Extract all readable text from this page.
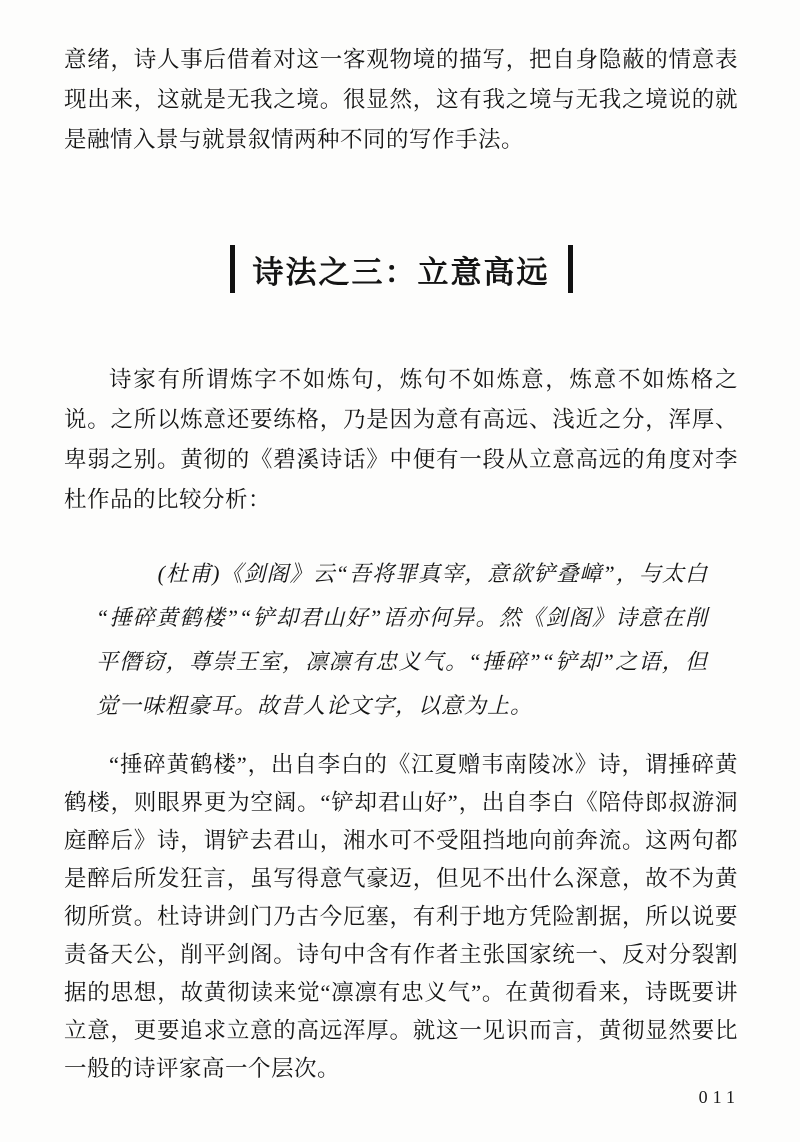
意绪，诗人事后借着对这一客观物境的描写，把自身隐蔽的情意表现出来，这就是无我之境。很显然，这有我之境与无我之境说的就是融情入景与就景叙情两种不同的写作手法。

诗法之三：立意高远

诗家有所谓炼字不如炼句，炼句不如炼意，炼意不如炼格之说。之所以炼意还要练格，乃是因为意有高远、浅近之分，浑厚、卑弱之别。黄彻的《碧溪诗话》中便有一段从立意高远的角度对李杜作品的比较分析：

(杜甫)《剑阁》云“吾将罪真宰，意欲铲叠嶂”，与太白“捶碎黄鹤楼”“铲却君山好”语亦何异。然《剑阁》诗意在削平僭窃，尊崇王室，凛凛有忠义气。“捶碎”“铲却”之语，但觉一味粗豪耳。故昔人论文字，以意为上。

“捶碎黄鹤楼”，出自李白的《江夏赠韦南陵冰》诗，谓捶碎黄鹤楼，则眼界更为空阔。“铲却君山好”，出自李白《陪侍郎叔游洞庭醉后》诗，谓铲去君山，湘水可不受阻挡地向前奔流。这两句都是醉后所发狂言，虽写得意气豪迈，但见不出什么深意，故不为黄彻所赏。杜诗讲剑门乃古今厄塞，有利于地方凭险割据，所以说要责备天公，削平剑阁。诗句中含有作者主张国家统一、反对分裂割据的思想，故黄彻读来觉“凛凛有忠义气”。在黄彻看来，诗既要讲立意，更要追求立意的高远浑厚。就这一见识而言，黄彻显然要比一般的诗评家高一个层次。

011
